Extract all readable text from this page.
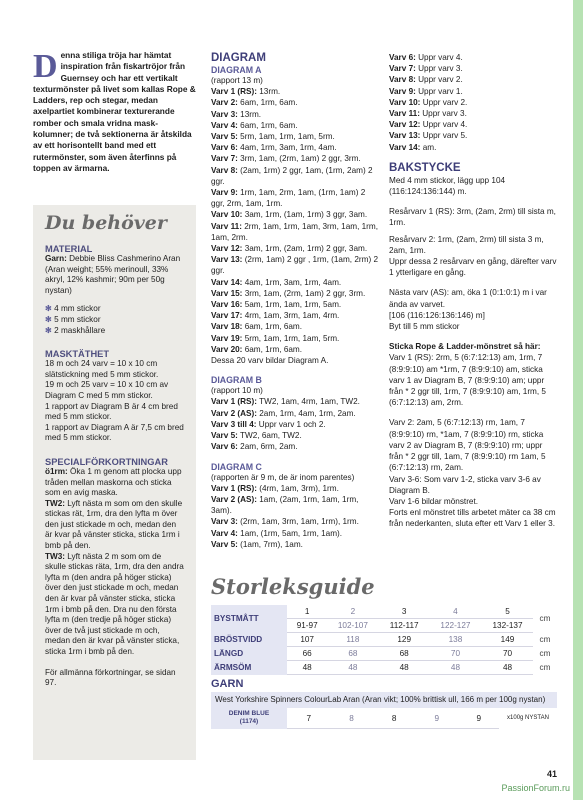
Denna stiliga tröja har hämtat inspiration från fiskartröjor från Guernsey och har ett vertikalt texturmönster på livet som kallas Rope & Ladders, rep och stegar, medan axelpartiet kombinerar texturerande romber och smala vridna mask-kolumner; de två sektionerna är åtskilda av ett horisontellt band med ett rutermönster, som även återfinns på toppen av ärmarna.
Du behöver
MATERIAL
Garn: Debbie Bliss Cashmerino Aran (Aran weight; 55% merinoull, 33% akryl, 12% kashmir; 90m per 50g nystan)
✻ 4 mm stickor
✻ 5 mm stickor
✻ 2 maskhållare
MASKTÄTHET
18 m och 24 varv = 10 x 10 cm slätstickning med 5 mm stickor.
19 m och 25 varv = 10 x 10 cm av Diagram C med 5 mm stickor.
1 rapport av Diagram B är 4 cm bred med 5 mm stickor.
1 rapport av Diagram A är 7,5 cm bred med 5 mm stickor.
SPECIALFÖRKORTNINGAR
ö1rm: Öka 1 m genom att plocka upp tråden mellan maskorna och sticka som en avig maska.
TW2: Lyft nästa m som om den skulle stickas rät, 1rm, dra den lyfta m över den just stickade m och, medan den är kvar på vänster sticka, sticka 1rm i bmb på den.
TW3: Lyft nästa 2 m som om de skulle stickas räta, 1rm, dra den andra lyfta m (den andra på höger sticka) över den just stickade m och, medan den är kvar på vänster sticka, sticka 1rm i bmb på den. Dra nu den första lyfta m (den tredje på höger sticka) över de två just stickade m och, medan den är kvar på vänster sticka, sticka 1rm i bmb på den.
För allmänna förkortningar, se sidan 97.
DIAGRAM
DIAGRAM A
(rapport 13 m)
Varv 1 (RS): 13rm.
Varv 2: 6am, 1rm, 6am.
Varv 3: 13rm.
Varv 4: 6am, 1rm, 6am.
Varv 5: 5rm, 1am, 1rm, 1am, 5rm.
Varv 6: 4am, 1rm, 3am, 1rm, 4am.
Varv 7: 3rm, 1am, (2rm, 1am) 2 ggr, 3rm.
Varv 8: (2am, 1rm) 2 ggr, 1am, (1rm, 2am) 2 ggr.
Varv 9: 1rm, 1am, 2rm, 1am, (1rm, 1am) 2 ggr, 2rm, 1am, 1rm.
Varv 10: 3am, 1rm, (1am, 1rm) 3 ggr, 3am.
Varv 11: 2rm, 1am, 1rm, 1am, 3rm, 1am, 1rm, 1am, 2rm.
Varv 12: 3am, 1rm, (2am, 1rm) 2 ggr, 3am.
Varv 13: (2rm, 1am) 2 ggr , 1rm, (1am, 2rm) 2 ggr.
Varv 14: 4am, 1rm, 3am, 1rm, 4am.
Varv 15: 3rm, 1am, (2rm, 1am) 2 ggr, 3rm.
Varv 16: 5am, 1rm, 1am, 1rm, 5am.
Varv 17: 4rm, 1am, 3rm, 1am, 4rm.
Varv 18: 6am, 1rm, 6am.
Varv 19: 5rm, 1am, 1rm, 1am, 5rm.
Varv 20: 6am, 1rm, 6am.
Dessa 20 varv bildar Diagram A.
DIAGRAM B
(rapport 10 m)
Varv 1 (RS): TW2, 1am, 4rm, 1am, TW2.
Varv 2 (AS): 2am, 1rm, 4am, 1rm, 2am.
Varv 3 till 4: Uppr varv 1 och 2.
Varv 5: TW2, 6am, TW2.
Varv 6: 2am, 6rm, 2am.
DIAGRAM C
(rapporten är 9 m, de är inom parentes)
Varv 1 (RS): (4rm, 1am, 3rm), 1rm.
Varv 2 (AS): 1am, (2am, 1rm, 1am, 1rm, 3am).
Varv 3: (2rm, 1am, 3rm, 1am, 1rm), 1rm.
Varv 4: 1am, (1rm, 5am, 1rm, 1am).
Varv 5: (1am, 7rm), 1am.
Varv 6: Uppr varv 4.
Varv 7: Uppr varv 3.
Varv 8: Uppr varv 2.
Varv 9: Uppr varv 1.
Varv 10: Uppr varv 2.
Varv 11: Uppr varv 3.
Varv 12: Uppr varv 4.
Varv 13: Uppr varv 5.
Varv 14: am.
BAKSTYCKE
Med 4 mm stickor, lägg upp 104 (116:124:136:144) m.
Resårvarv 1 (RS): 3rm, (2am, 2rm) till sista m, 1rm.
Resårvarv 2: 1rm, (2am, 2rm) till sista 3 m, 2am, 1rm.
Uppr dessa 2 resårvarv en gång, därefter varv 1 ytterligare en gång.
Nästa varv (AS): am, öka 1 (0:1:0:1) m i var ända av varvet.
[106 (116:126:136:146) m]
Byt till 5 mm stickor
Sticka Rope & Ladder-mönstret så här:
Varv 1 (RS): 2rm, 5 (6:7:12:13) am, 1rm, 7 (8:9:9:10) am *1rm, 7 (8:9:9:10) am, sticka varv 1 av Diagram B, 7 (8:9:9:10) am; uppr från * 2 ggr till, 1rm, 7 (8:9:9:10) am, 1rm, 5 (6:7:12:13) am, 2rm.
Varv 2: 2am, 5 (6:7:12:13) rm, 1am, 7 (8:9:9:10) rm, *1am, 7 (8:9:9:10) rm, sticka varv 2 av Diagram B, 7 (8:9:9:10) rm; uppr från * 2 ggr till, 1am, 7 (8:9:9:10) rm 1am, 5 (6:7:12:13) rm, 2am.
Varv 3-6: Som varv 1-2, sticka varv 3-6 av Diagram B.
Varv 1-6 bildar mönstret.
Forts enl mönstret tills arbetet mäter ca 38 cm från nederkanten, sluta efter ett Varv 1 eller 3.
Storleksguide
BYSTMÅTT	1	2	3	4	5	cm
	91-97	102-107	112-117	122-127	132-137	
BRÖSTVIDD	107	118	129	138	149	cm
LÄNGD	66	68	68	70	70	cm
ÄRMSÖM	48	48	48	48	48	cm
GARN
West Yorkshire Spinners ColourLab Aran (Aran vikt; 100% brittisk ull, 166 m per 100g nystan)
DENIM BLUE
(1174)	7	8	8	9	9	x100g NYSTAN
41
PassionForum.ru
